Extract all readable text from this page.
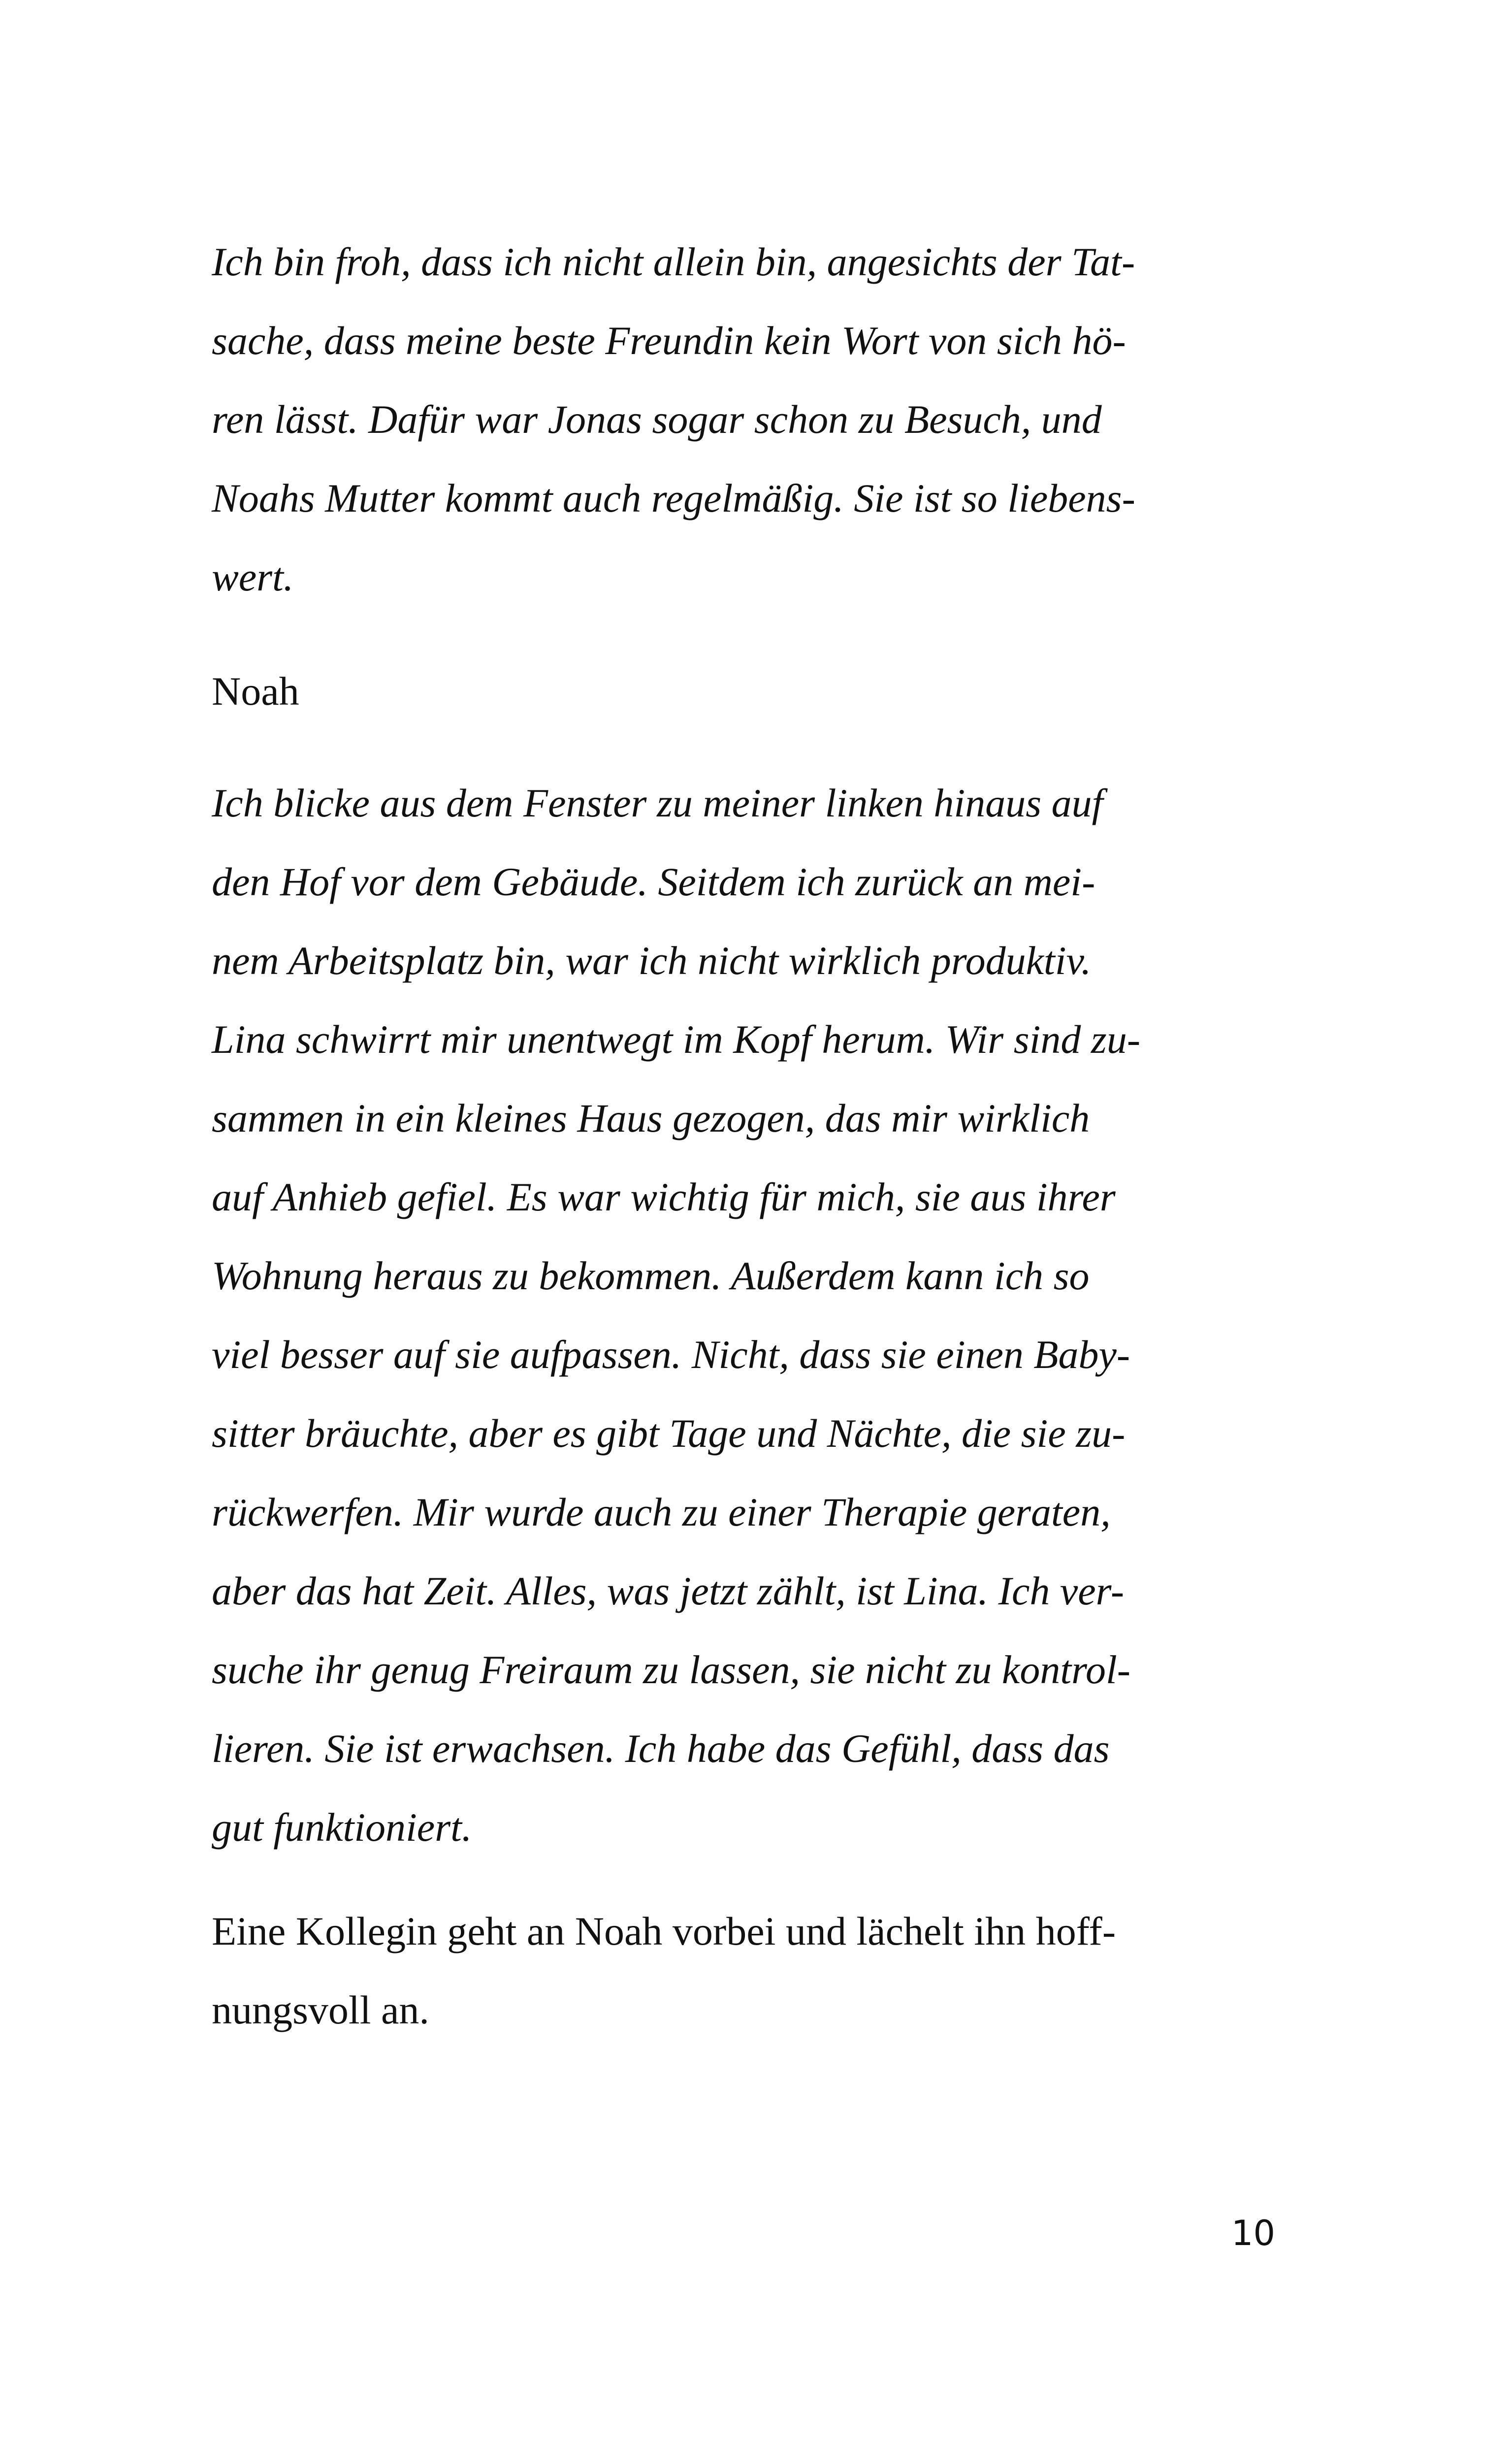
Ich bin froh, dass ich nicht allein bin, angesichts der Tat-
sache, dass meine beste Freundin kein Wort von sich hö-
ren lässt. Dafür war Jonas sogar schon zu Besuch, und
Noahs Mutter kommt auch regelmäßig. Sie ist so liebens-
wert.
Noah
Ich blicke aus dem Fenster zu meiner linken hinaus auf
den Hof vor dem Gebäude. Seitdem ich zurück an mei-
nem Arbeitsplatz bin, war ich nicht wirklich produktiv.
Lina schwirrt mir unentwegt im Kopf herum. Wir sind zu-
sammen in ein kleines Haus gezogen, das mir wirklich
auf Anhieb gefiel. Es war wichtig für mich, sie aus ihrer
Wohnung heraus zu bekommen. Außerdem kann ich so
viel besser auf sie aufpassen. Nicht, dass sie einen Baby-
sitter bräuchte, aber es gibt Tage und Nächte, die sie zu-
rückwerfen. Mir wurde auch zu einer Therapie geraten,
aber das hat Zeit. Alles, was jetzt zählt, ist Lina. Ich ver-
suche ihr genug Freiraum zu lassen, sie nicht zu kontrol-
lieren. Sie ist erwachsen. Ich habe das Gefühl, dass das
gut funktioniert.
Eine Kollegin geht an Noah vorbei und lächelt ihn hoff-
nungsvoll an.
10
